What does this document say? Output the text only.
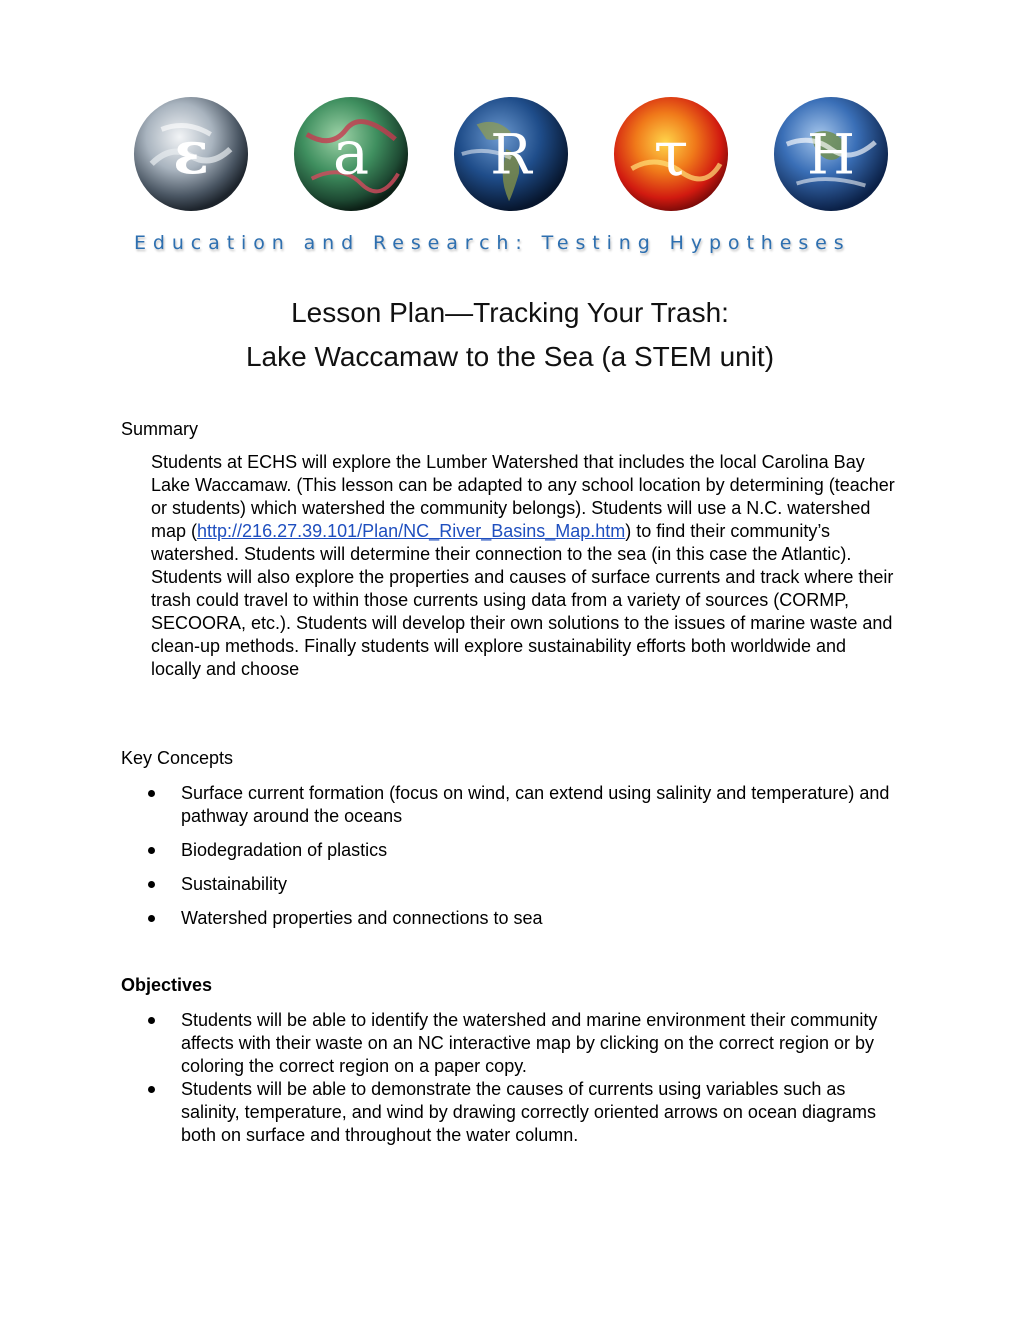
ε a R τ H
Education and Research: Testing Hypotheses
Lesson Plan—Tracking Your Trash:
Lake Waccamaw to the Sea (a STEM unit)
Summary
Students at ECHS will explore the Lumber Watershed that includes the local Carolina Bay Lake Waccamaw. (This lesson can be adapted to any school location by determining (teacher or students) which watershed the community belongs). Students will use a N.C. watershed map (http://216.27.39.101/Plan/NC_River_Basins_Map.htm) to find their community’s watershed. Students will determine their connection to the sea (in this case the Atlantic). Students will also explore the properties and causes of surface currents and track where their trash could travel to within those currents using data from a variety of sources (CORMP, SECOORA, etc.). Students will develop their own solutions to the issues of marine waste and clean-up methods. Finally students will explore sustainability efforts both worldwide and locally and choose
Key Concepts
Surface current formation (focus on wind, can extend using salinity and temperature) and pathway around the oceans
Biodegradation of plastics
Sustainability
Watershed properties and connections to sea
Objectives
Students will be able to identify the watershed and marine environment their community affects with their waste on an NC interactive map by clicking on the correct region or by coloring the correct region on a paper copy.
Students will be able to demonstrate the causes of currents using variables such as salinity, temperature, and wind by drawing correctly oriented arrows on ocean diagrams both on surface and throughout the water column.
